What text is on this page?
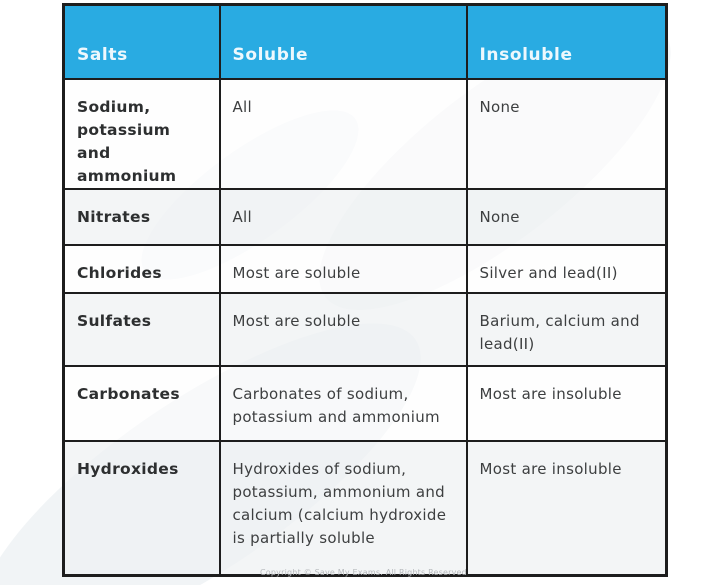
Salts	Soluble	Insoluble
Sodium, potassium and ammonium	All	None
Nitrates	All	None
Chlorides	Most are soluble	Silver and lead(II)
Sulfates	Most are soluble	Barium, calcium and lead(II)
Carbonates	Carbonates of sodium, potassium and ammonium	Most are insoluble
Hydroxides	Hydroxides of sodium, potassium, ammonium and calcium (calcium hydroxide is partially soluble	Most are insoluble
Copyright © Save My Exams. All Rights Reserved
